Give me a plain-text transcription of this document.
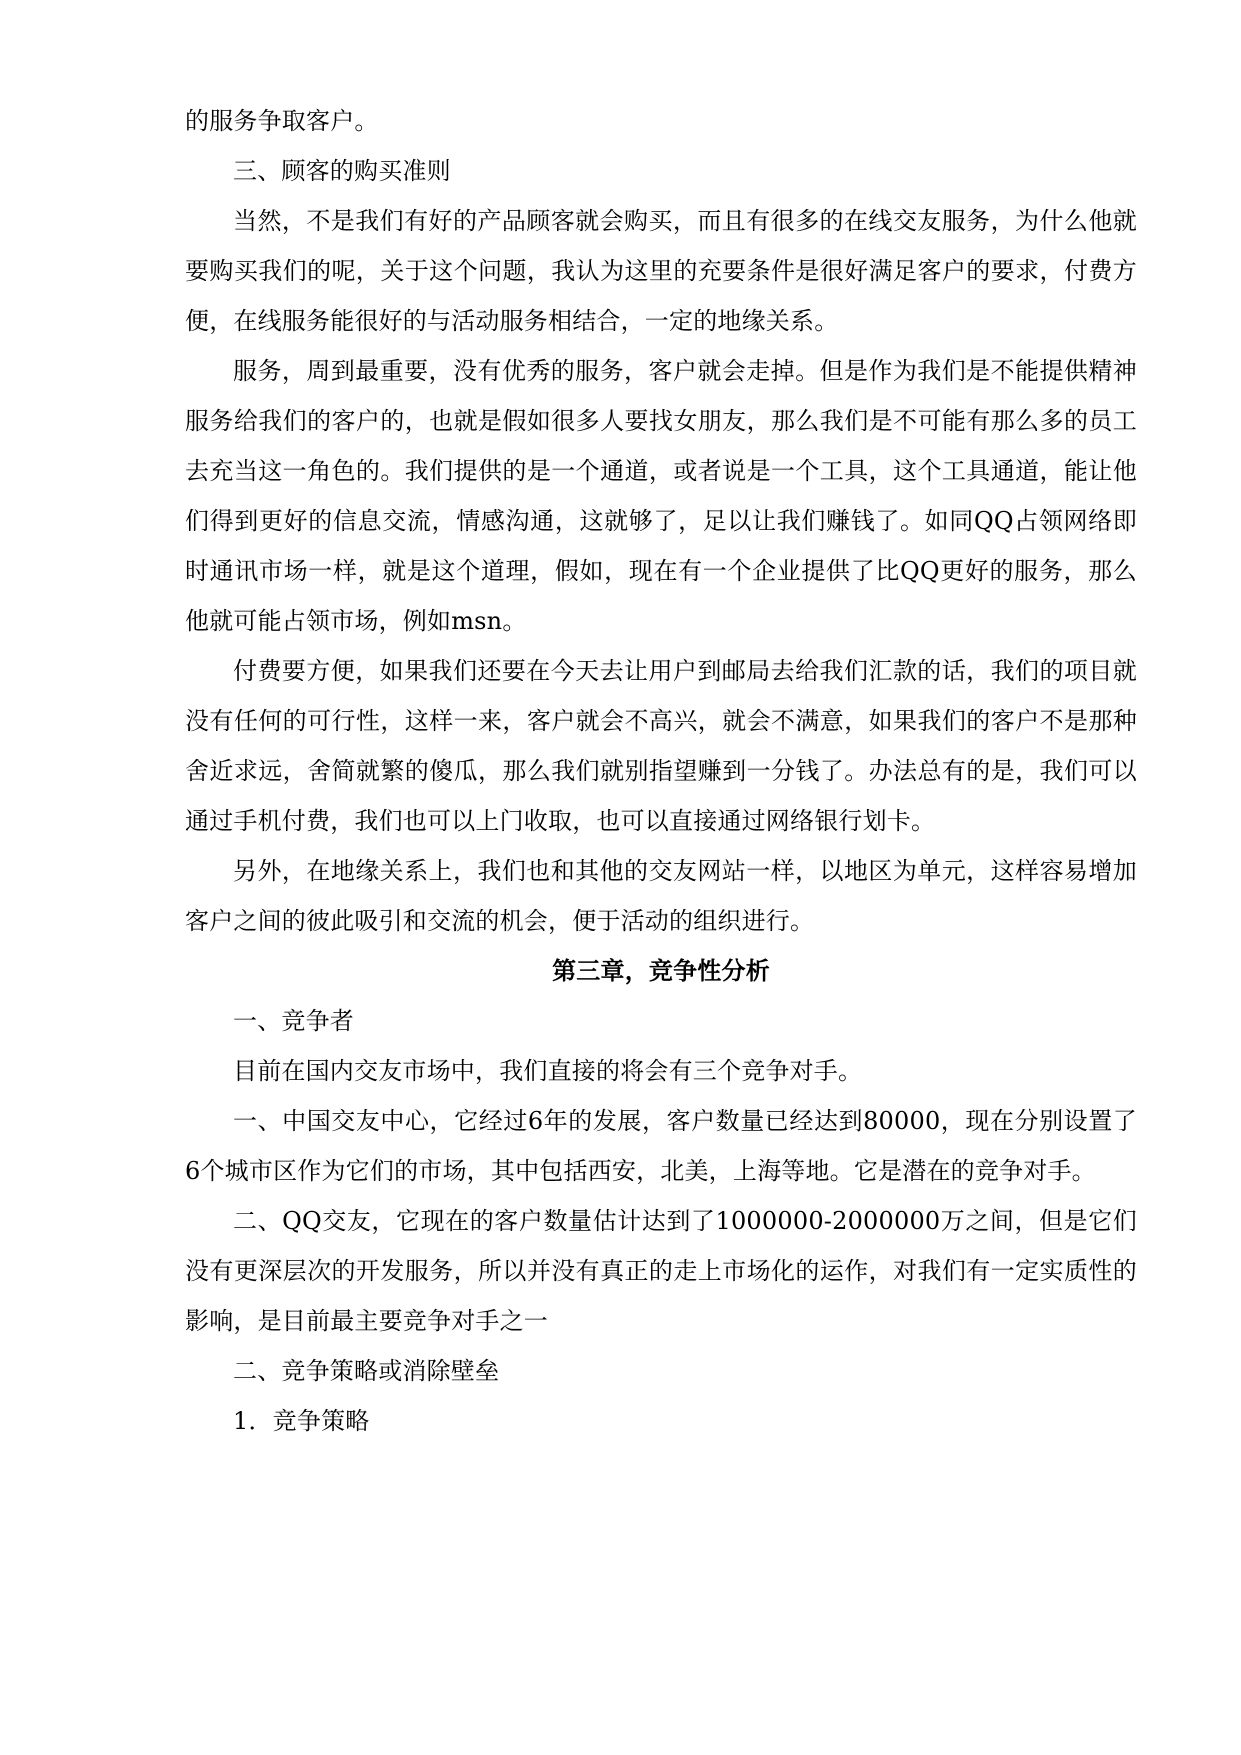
的服务争取客户。

三、顾客的购买准则

当然，不是我们有好的产品顾客就会购买，而且有很多的在线交友服务，为什么他就要购买我们的呢，关于这个问题，我认为这里的充要条件是很好满足客户的要求，付费方便，在线服务能很好的与活动服务相结合，一定的地缘关系。

服务，周到最重要，没有优秀的服务，客户就会走掉。但是作为我们是不能提供精神服务给我们的客户的，也就是假如很多人要找女朋友，那么我们是不可能有那么多的员工去充当这一角色的。我们提供的是一个通道，或者说是一个工具，这个工具通道，能让他们得到更好的信息交流，情感沟通，这就够了，足以让我们赚钱了。如同QQ占领网络即时通讯市场一样，就是这个道理，假如，现在有一个企业提供了比QQ更好的服务，那么他就可能占领市场，例如msn。

付费要方便，如果我们还要在今天去让用户到邮局去给我们汇款的话，我们的项目就没有任何的可行性，这样一来，客户就会不高兴，就会不满意，如果我们的客户不是那种舍近求远，舍简就繁的傻瓜，那么我们就别指望赚到一分钱了。办法总有的是，我们可以通过手机付费，我们也可以上门收取，也可以直接通过网络银行划卡。

另外，在地缘关系上，我们也和其他的交友网站一样，以地区为单元，这样容易增加客户之间的彼此吸引和交流的机会，便于活动的组织进行。

第三章，竞争性分析

一、竞争者

目前在国内交友市场中，我们直接的将会有三个竞争对手。

一、中国交友中心，它经过6年的发展，客户数量已经达到80000，现在分别设置了6个城市区作为它们的市场，其中包括西安，北美，上海等地。它是潜在的竞争对手。

二、QQ交友，它现在的客户数量估计达到了1000000-2000000万之间，但是它们没有更深层次的开发服务，所以并没有真正的走上市场化的运作，对我们有一定实质性的影响，是目前最主要竞争对手之一

二、竞争策略或消除壁垒

1．竞争策略
